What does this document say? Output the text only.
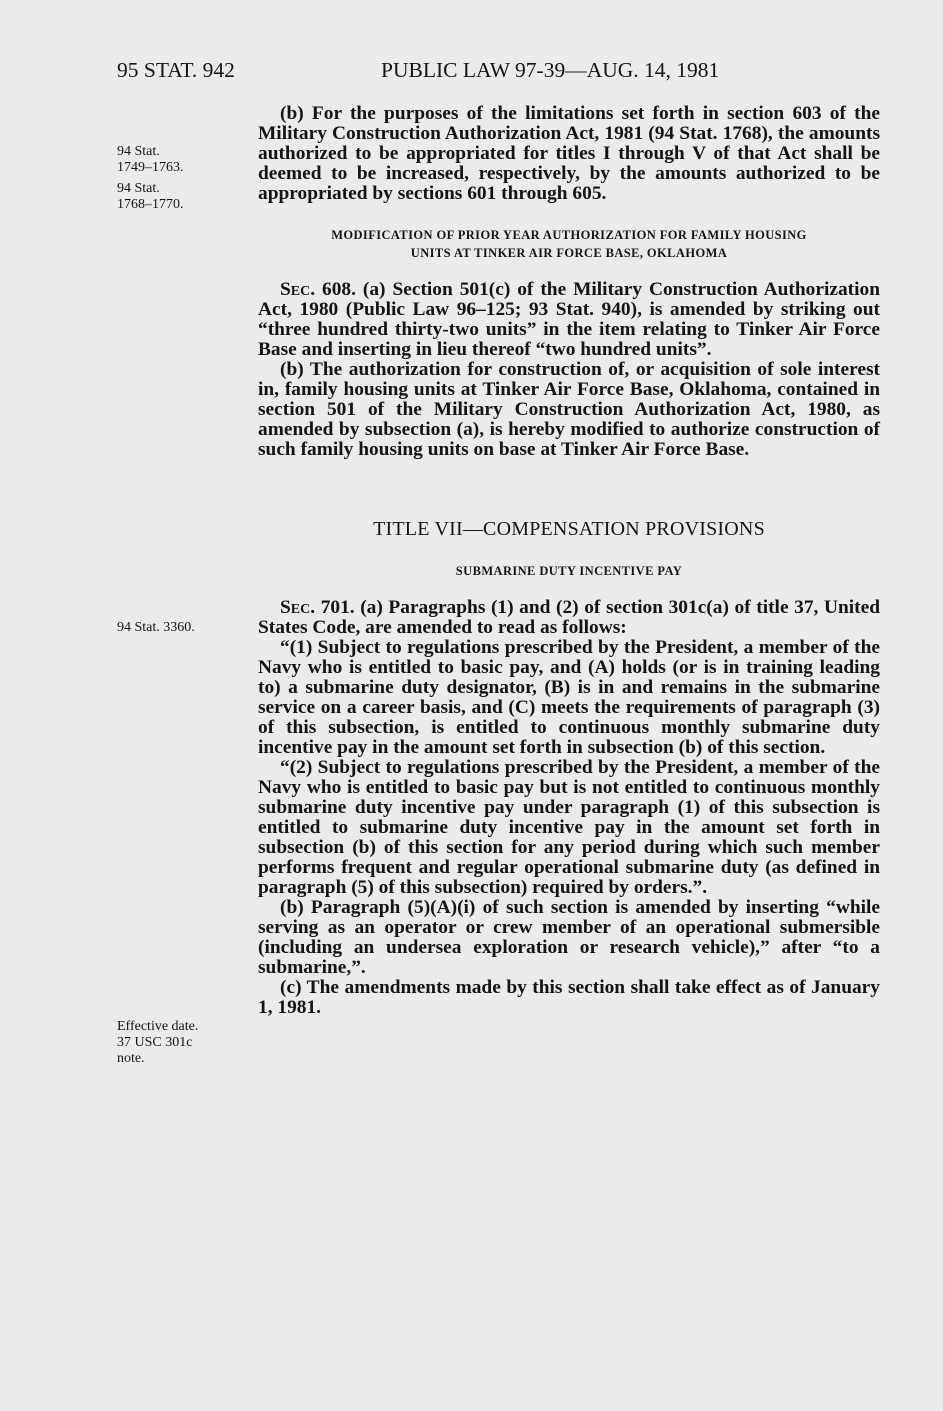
95 STAT. 942	PUBLIC LAW 97-39—AUG. 14, 1981
94 Stat.
1749–1763.
94 Stat.
1768–1770.
94 Stat. 3360.
Effective date.
37 USC 301c
note.

(b) For the purposes of the limitations set forth in section 603 of the Military Construction Authorization Act, 1981 (94 Stat. 1768), the amounts authorized to be appropriated for titles I through V of that Act shall be deemed to be increased, respectively, by the amounts authorized to be appropriated by sections 601 through 605.

MODIFICATION OF PRIOR YEAR AUTHORIZATION FOR FAMILY HOUSING
UNITS AT TINKER AIR FORCE BASE, OKLAHOMA

Sec. 608. (a) Section 501(c) of the Military Construction Authorization Act, 1980 (Public Law 96–125; 93 Stat. 940), is amended by striking out “three hundred thirty-two units” in the item relating to Tinker Air Force Base and inserting in lieu thereof “two hundred units”.

(b) The authorization for construction of, or acquisition of sole interest in, family housing units at Tinker Air Force Base, Oklahoma, contained in section 501 of the Military Construction Authorization Act, 1980, as amended by subsection (a), is hereby modified to authorize construction of such family housing units on base at Tinker Air Force Base.

TITLE VII—COMPENSATION PROVISIONS
SUBMARINE DUTY INCENTIVE PAY

Sec. 701. (a) Paragraphs (1) and (2) of section 301c(a) of title 37, United States Code, are amended to read as follows:

“(1) Subject to regulations prescribed by the President, a member of the Navy who is entitled to basic pay, and (A) holds (or is in training leading to) a submarine duty designator, (B) is in and remains in the submarine service on a career basis, and (C) meets the requirements of paragraph (3) of this subsection, is entitled to continuous monthly submarine duty incentive pay in the amount set forth in subsection (b) of this section.

“(2) Subject to regulations prescribed by the President, a member of the Navy who is entitled to basic pay but is not entitled to continuous monthly submarine duty incentive pay under paragraph (1) of this subsection is entitled to submarine duty incentive pay in the amount set forth in subsection (b) of this section for any period during which such member performs frequent and regular operational submarine duty (as defined in paragraph (5) of this subsection) required by orders.”.

(b) Paragraph (5)(A)(i) of such section is amended by inserting “while serving as an operator or crew member of an operational submersible (including an undersea exploration or research vehicle),” after “to a submarine,”.

(c) The amendments made by this section shall take effect as of January 1, 1981.
